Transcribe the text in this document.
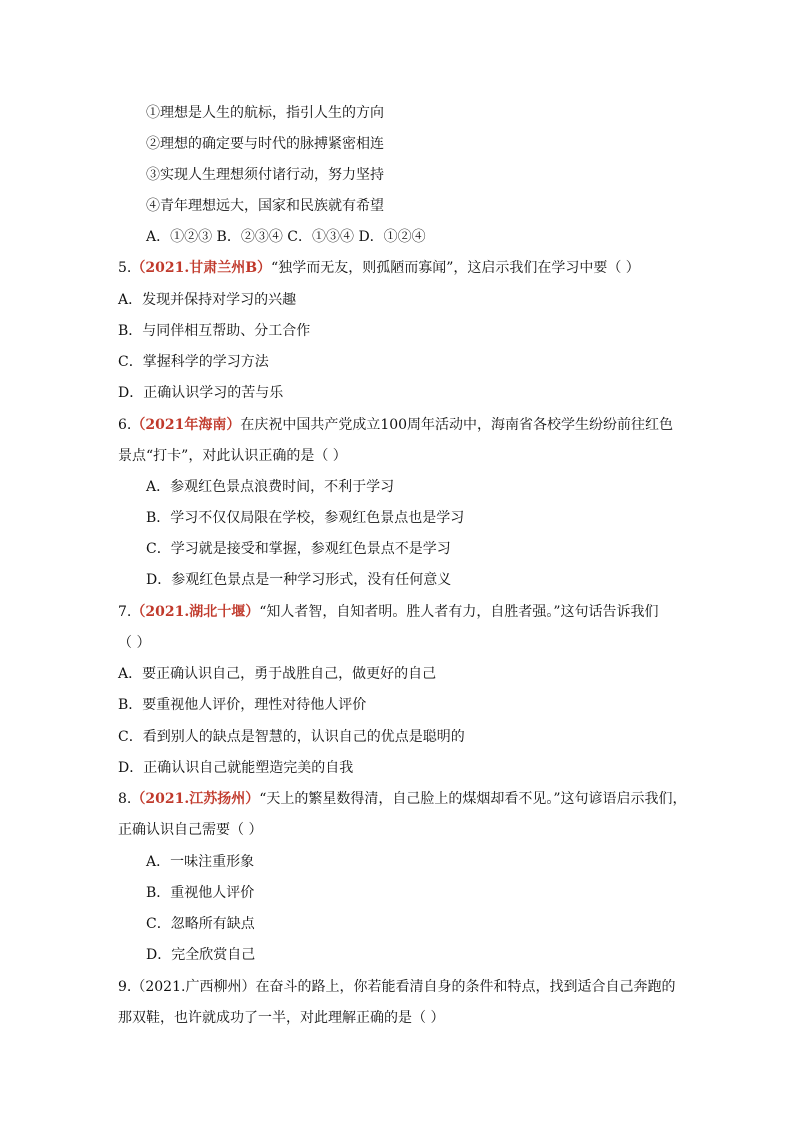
①理想是人生的航标，指引人生的方向
②理想的确定要与时代的脉搏紧密相连
③实现人生理想须付诸行动，努力坚持
④青年理想远大，国家和民族就有希望
A．①②③ B．②③④ C．①③④ D．①②④
5.（2021.甘肃兰州B）“独学而无友，则孤陋而寡闻”，这启示我们在学习中要（ ）
A．发现并保持对学习的兴趣
B．与同伴相互帮助、分工合作
C．掌握科学的学习方法
D．正确认识学习的苦与乐
6.（2021年海南）在庆祝中国共产党成立100周年活动中，海南省各校学生纷纷前往红色
景点“打卡”，对此认识正确的是（ ）
A．参观红色景点浪费时间，不利于学习
B．学习不仅仅局限在学校，参观红色景点也是学习
C．学习就是接受和掌握，参观红色景点不是学习
D．参观红色景点是一种学习形式，没有任何意义
7.（2021.湖北十堰）“知人者智，自知者明。胜人者有力，自胜者强。”这句话告诉我们
（ ）
A．要正确认识自己，勇于战胜自己，做更好的自己
B．要重视他人评价，理性对待他人评价
C．看到别人的缺点是智慧的，认识自己的优点是聪明的
D．正确认识自己就能塑造完美的自我
8.（2021.江苏扬州）“天上的繁星数得清，自己脸上的煤烟却看不见。”这句谚语启示我们，
正确认识自己需要（ ）
A．一味注重形象
B．重视他人评价
C．忽略所有缺点
D．完全欣赏自己
9.（2021.广西柳州）在奋斗的路上，你若能看清自身的条件和特点，找到适合自己奔跑的
那双鞋，也许就成功了一半，对此理解正确的是（ ）
